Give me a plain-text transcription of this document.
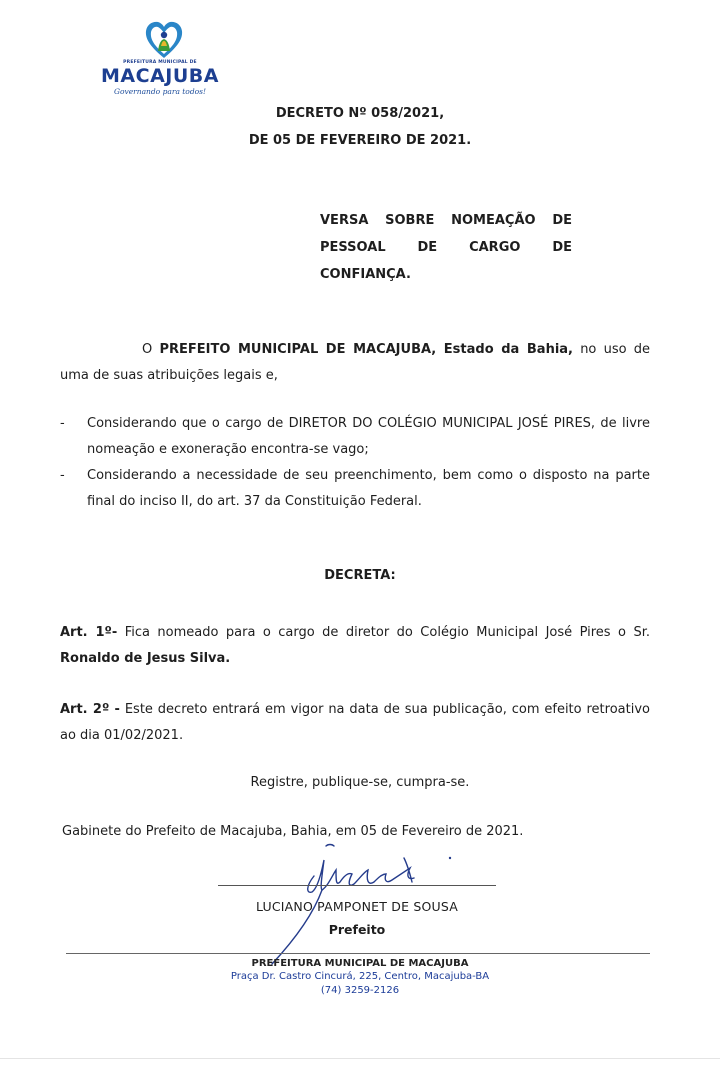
PREFEITURA MUNICIPAL DE
MACAJUBA
Governando para todos!
DECRETO Nº 058/2021,
DE 05 DE FEVEREIRO DE 2021.
VERSA SOBRE NOMEAÇÃO DE
PESSOAL DE CARGO DE
CONFIANÇA.
O PREFEITO MUNICIPAL DE MACAJUBA, Estado da Bahia, no uso de uma de suas atribuições legais e,
- Considerando que o cargo de DIRETOR DO COLÉGIO MUNICIPAL JOSÉ PIRES, de livre nomeação e exoneração encontra-se vago;
- Considerando a necessidade de seu preenchimento, bem como o disposto na parte final do inciso II, do art. 37 da Constituição Federal.
DECRETA:
Art. 1º- Fica nomeado para o cargo de diretor do Colégio Municipal José Pires o Sr. Ronaldo de Jesus Silva.
Art. 2º - Este decreto entrará em vigor na data de sua publicação, com efeito retroativo ao dia 01/02/2021.
Registre, publique-se, cumpra-se.
Gabinete do Prefeito de Macajuba, Bahia, em 05 de Fevereiro de 2021.
LUCIANO PAMPONET DE SOUSA
Prefeito
PREFEITURA MUNICIPAL DE MACAJUBA
Praça Dr. Castro Cincurá, 225, Centro, Macajuba-BA
(74) 3259-2126
